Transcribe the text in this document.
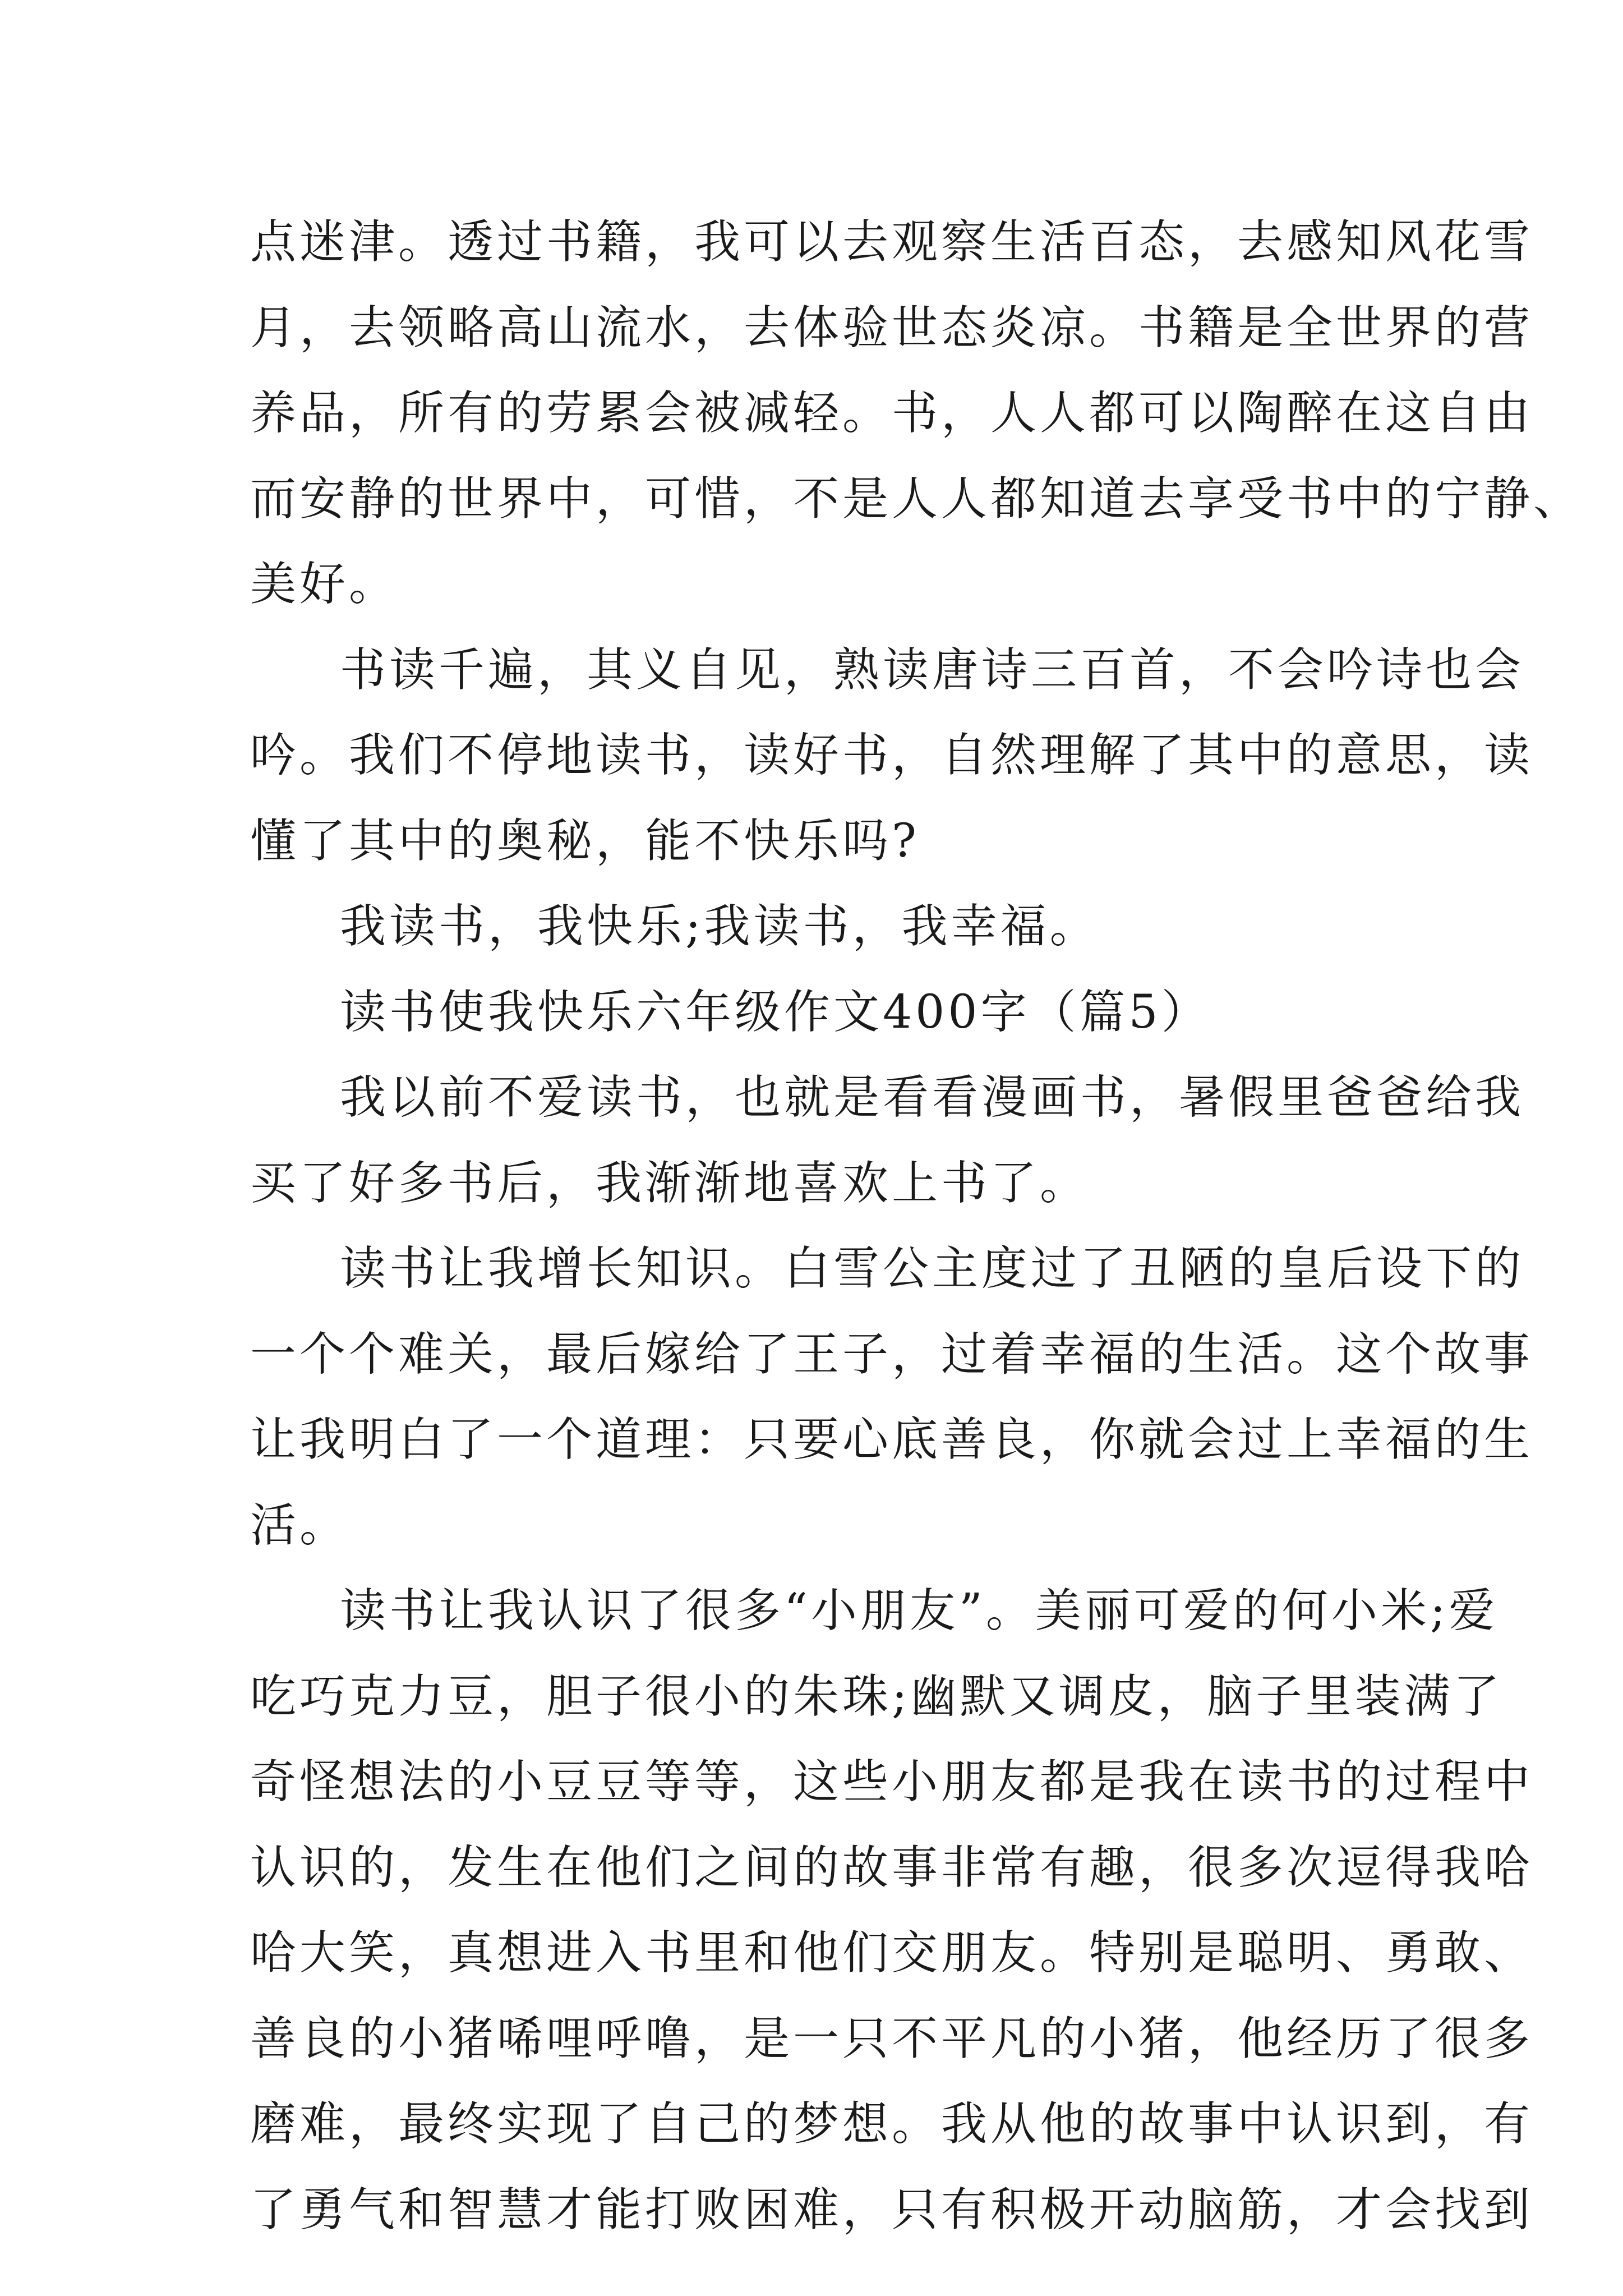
点迷津。透过书籍，我可以去观察生活百态，去感知风花雪
月，去领略高山流水，去体验世态炎凉。书籍是全世界的营
养品，所有的劳累会被减轻。书，人人都可以陶醉在这自由
而安静的世界中，可惜，不是人人都知道去享受书中的宁静、
美好。
书读千遍，其义自见，熟读唐诗三百首，不会吟诗也会
吟。我们不停地读书，读好书，自然理解了其中的意思，读
懂了其中的奥秘，能不快乐吗?
我读书，我快乐;我读书，我幸福。
读书使我快乐六年级作文400字（篇5）
我以前不爱读书，也就是看看漫画书，暑假里爸爸给我
买了好多书后，我渐渐地喜欢上书了。
读书让我增长知识。白雪公主度过了丑陋的皇后设下的
一个个难关，最后嫁给了王子，过着幸福的生活。这个故事
让我明白了一个道理：只要心底善良，你就会过上幸福的生
活。
读书让我认识了很多“小朋友”。美丽可爱的何小米;爱
吃巧克力豆，胆子很小的朱珠;幽默又调皮，脑子里装满了
奇怪想法的小豆豆等等，这些小朋友都是我在读书的过程中
认识的，发生在他们之间的故事非常有趣，很多次逗得我哈
哈大笑，真想进入书里和他们交朋友。特别是聪明、勇敢、
善良的小猪唏哩呼噜，是一只不平凡的小猪，他经历了很多
磨难，最终实现了自己的梦想。我从他的故事中认识到，有
了勇气和智慧才能打败困难，只有积极开动脑筋，才会找到
